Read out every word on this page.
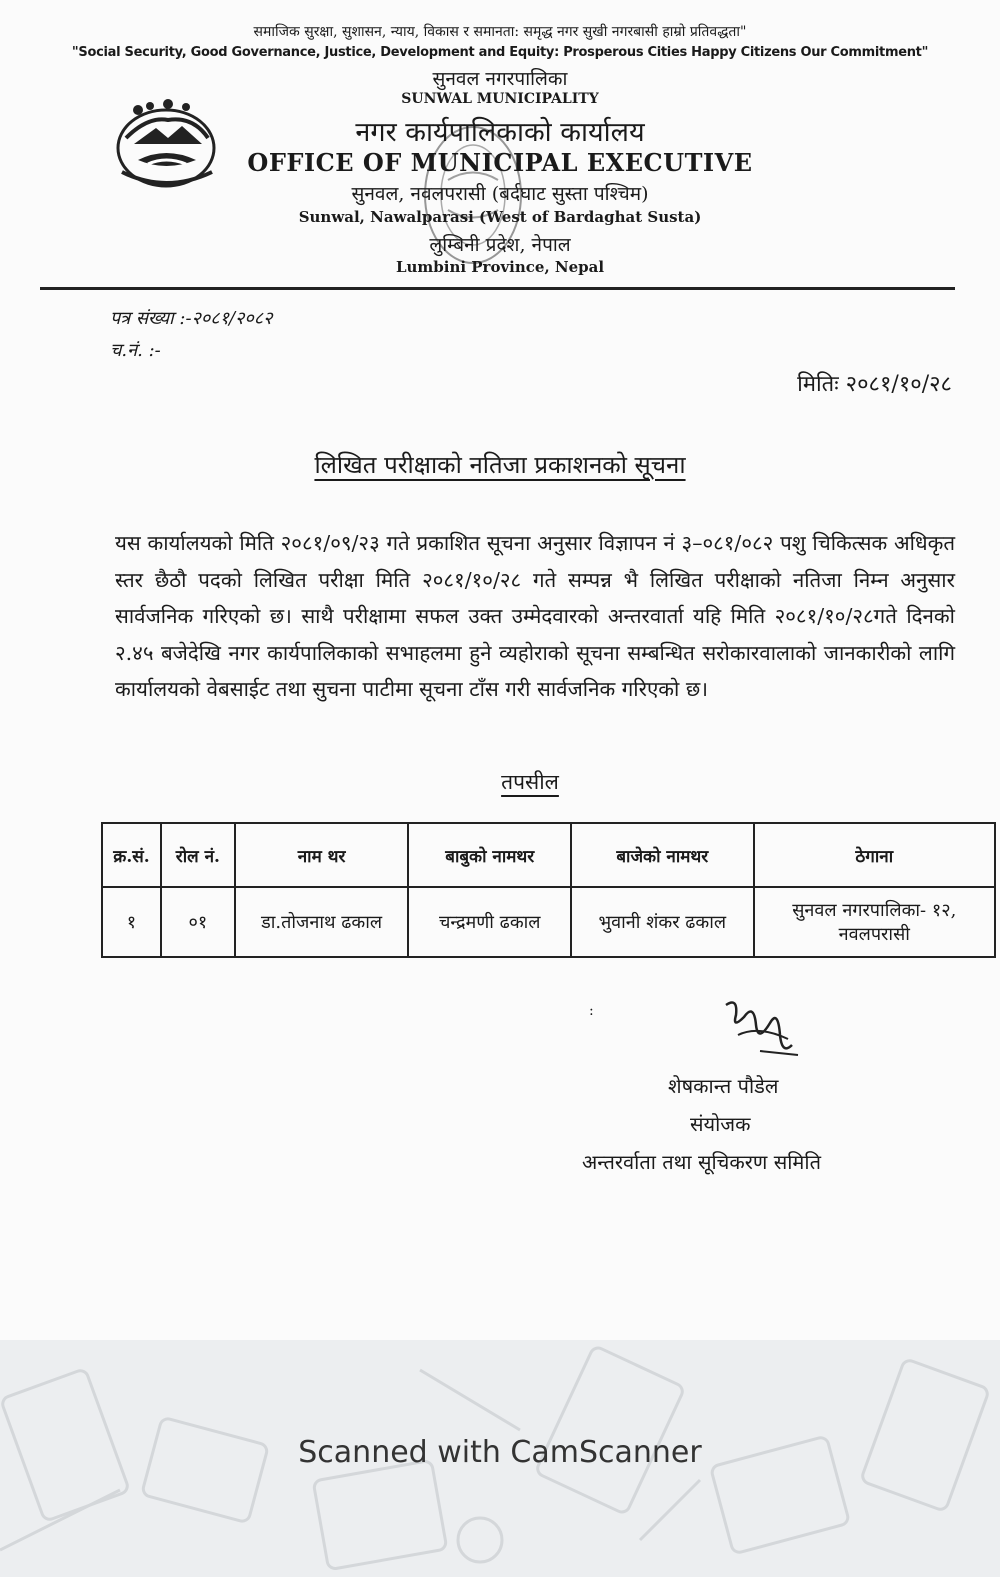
समाजिक सुरक्षा, सुशासन, न्याय, विकास र समानता: समृद्ध नगर सुखी नगरबासी हाम्रो प्रतिवद्धता"
"Social Security, Good Governance, Justice, Development and Equity: Prosperous Cities Happy Citizens Our Commitment"
सुनवल नगरपालिका
SUNWAL MUNICIPALITY
नगर कार्यपालिकाको कार्यालय
OFFICE OF MUNICIPAL EXECUTIVE
सुनवल, नवलपरासी (बर्दघाट सुस्ता पश्चिम)
Sunwal, Nawalparasi (West of Bardaghat Susta)
लुम्बिनी प्रदेश, नेपाल
Lumbini Province, Nepal
पत्र संख्या :-२०८१/२०८२
च.नं. :-
मितिः २०८१/१०/२८
लिखित परीक्षाको नतिजा प्रकाशनको सूचना
यस कार्यालयको मिति २०८१/०९/२३ गते प्रकाशित सूचना अनुसार विज्ञापन नं ३–०८१/०८२ पशु चिकित्सक अधिकृत स्तर छैठौ पदको लिखित परीक्षा मिति २०८१/१०/२८ गते सम्पन्न भै लिखित परीक्षाको नतिजा निम्न अनुसार सार्वजनिक गरिएको छ। साथै परीक्षामा सफल उक्त उम्मेदवारको अन्तरवार्ता यहि मिति २०८१/१०/२८गते दिनको २.४५ बजेदेखि नगर कार्यपालिकाको सभाहलमा हुने व्यहोराको सूचना सम्बन्धित सरोकारवालाको जानकारीको लागि कार्यालयको वेबसाईट तथा सुचना पाटीमा सूचना टाँस गरी सार्वजनिक गरिएको छ।
तपसील
क्र.सं.	रोल नं.	नाम थर	बाबुको नामथर	बाजेको नामथर	ठेगाना
१	०१	डा.तोजनाथ ढकाल	चन्द्रमणी ढकाल	भुवानी शंकर ढकाल	सुनवल नगरपालिका- १२, नवलपरासी
:
शेषकान्त पौडेल
संयोजक
अन्तरर्वाता तथा सूचिकरण समिति
Scanned with CamScanner
